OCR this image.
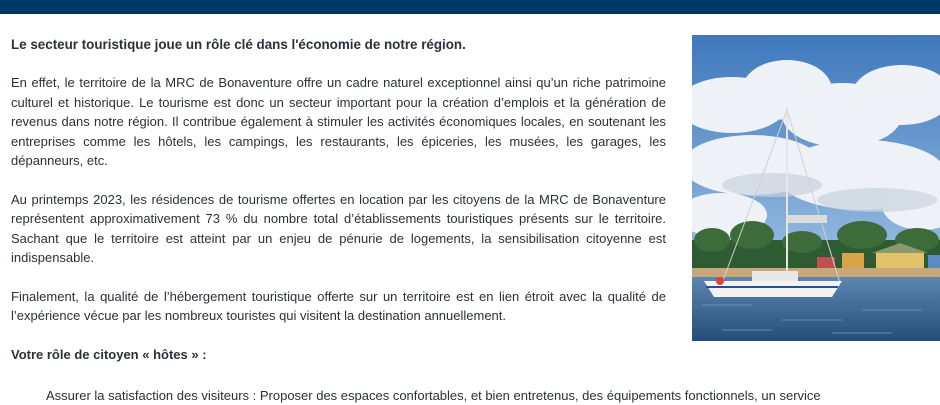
Le secteur touristique joue un rôle clé dans l'économie de notre région.

En effet, le territoire de la MRC de Bonaventure offre un cadre naturel exceptionnel ainsi qu’un riche patrimoine culturel et historique. Le tourisme est donc un secteur important pour la création d’emplois et la génération de revenus dans notre région. Il contribue également à stimuler les activités économiques locales, en soutenant les entreprises comme les hôtels, les campings, les restaurants, les épiceries, les musées, les garages, les dépanneurs, etc.

Au printemps 2023, les résidences de tourisme offertes en location par les citoyens de la MRC de Bonaventure représentent approximativement 73 % du nombre total d’établissements touristiques présents sur le territoire. Sachant que le territoire est atteint par un enjeu de pénurie de logements, la sensibilisation citoyenne est indispensable.

Finalement, la qualité de l’hébergement touristique offerte sur un territoire est en lien étroit avec la qualité de l’expérience vécue par les nombreux touristes qui visitent la destination annuellement.

Votre rôle de citoyen « hôtes » :

Assurer la satisfaction des visiteurs : Proposer des espaces confortables, et bien entretenus, des équipements fonctionnels, un service
